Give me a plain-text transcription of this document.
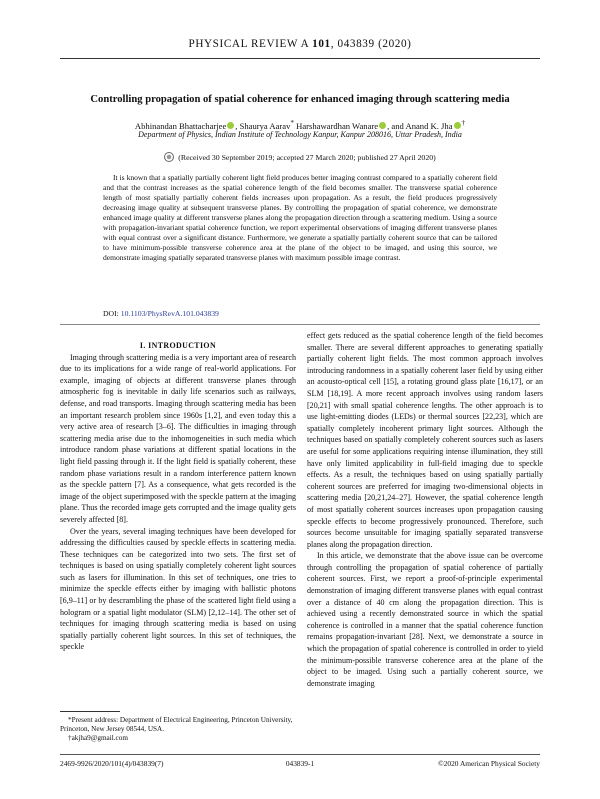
PHYSICAL REVIEW A 101, 043839 (2020)
Controlling propagation of spatial coherence for enhanced imaging through scattering media
Abhinandan Bhattacharjee , Shaurya Aarav* Harshawardhan Wanare , and Anand K. Jha †
Department of Physics, Indian Institute of Technology Kanpur, Kanpur 208016, Uttar Pradesh, India
(Received 30 September 2019; accepted 27 March 2020; published 27 April 2020)
It is known that a spatially partially coherent light field produces better imaging contrast compared to a spatially coherent field and that the contrast increases as the spatial coherence length of the field becomes smaller. The transverse spatial coherence length of most spatially partially coherent fields increases upon propagation. As a result, the field produces progressively decreasing image quality at subsequent transverse planes. By controlling the propagation of spatial coherence, we demonstrate enhanced image quality at different transverse planes along the propagation direction through a scattering medium. Using a source with propagation-invariant spatial coherence function, we report experimental observations of imaging different transverse planes with equal contrast over a significant distance. Furthermore, we generate a spatially partially coherent source that can be tailored to have minimum-possible transverse coherence area at the plane of the object to be imaged, and using this source, we demonstrate imaging spatially separated transverse planes with maximum possible image contrast.
DOI: 10.1103/PhysRevA.101.043839

I. INTRODUCTION

Imaging through scattering media is a very important area of research due to its implications for a wide range of real-world applications. For example, imaging of objects at different transverse planes through atmospheric fog is inevitable in daily life scenarios such as railways, defense, and road transports. Imaging through scattering media has been an important research problem since 1960s [1,2], and even today this a very active area of research [3–6]. The difficulties in imaging through scattering media arise due to the inhomogeneities in such media which introduce random phase variations at different spatial locations in the light field passing through it. If the light field is spatially coherent, these random phase variations result in a random interference pattern known as the speckle pattern [7]. As a consequence, what gets recorded is the image of the object superimposed with the speckle pattern at the imaging plane. Thus the recorded image gets corrupted and the image quality gets severely affected [8].

Over the years, several imaging techniques have been developed for addressing the difficulties caused by speckle effects in scattering media. These techniques can be categorized into two sets. The first set of techniques is based on using spatially completely coherent light sources such as lasers for illumination. In this set of techniques, one tries to minimize the speckle effects either by imaging with ballistic photons [6,9–11] or by descrambling the phase of the scattered light field using a hologram or a spatial light modulator (SLM) [2,12–14]. The other set of techniques for imaging through scattering media is based on using spatially partially coherent light sources. In this set of techniques, the speckle

effect gets reduced as the spatial coherence length of the field becomes smaller. There are several different approaches to generating spatially partially coherent light fields. The most common approach involves introducing randomness in a spatially coherent laser field by using either an acousto-optical cell [15], a rotating ground glass plate [16,17], or an SLM [18,19]. A more recent approach involves using random lasers [20,21] with small spatial coherence lengths. The other approach is to use light-emitting diodes (LEDs) or thermal sources [22,23], which are spatially completely incoherent primary light sources. Although the techniques based on spatially completely coherent sources such as lasers are useful for some applications requiring intense illumination, they still have only limited applicability in full-field imaging due to speckle effects. As a result, the techniques based on using spatially partially coherent sources are preferred for imaging two-dimensional objects in scattering media [20,21,24–27]. However, the spatial coherence length of most spatially coherent sources increases upon propagation causing speckle effects to become progressively pronounced. Therefore, such sources become unsuitable for imaging spatially separated transverse planes along the propagation direction.

In this article, we demonstrate that the above issue can be overcome through controlling the propagation of spatial coherence of partially coherent sources. First, we report a proof-of-principle experimental demonstration of imaging different transverse planes with equal contrast over a distance of 40 cm along the propagation direction. This is achieved using a recently demonstrated source in which the spatial coherence is controlled in a manner that the spatial coherence function remains propagation-invariant [28]. Next, we demonstrate a source in which the propagation of spatial coherence is controlled in order to yield the minimum-possible transverse coherence area at the plane of the object to be imaged. Using such a partially coherent source, we demonstrate imaging

*Present address: Department of Electrical Engineering, Princeton University, Princeton, New Jersey 08544, USA.
†akjha9@gmail.com
2469-9926/2020/101(4)/043839(7)	043839-1	©2020 American Physical Society
